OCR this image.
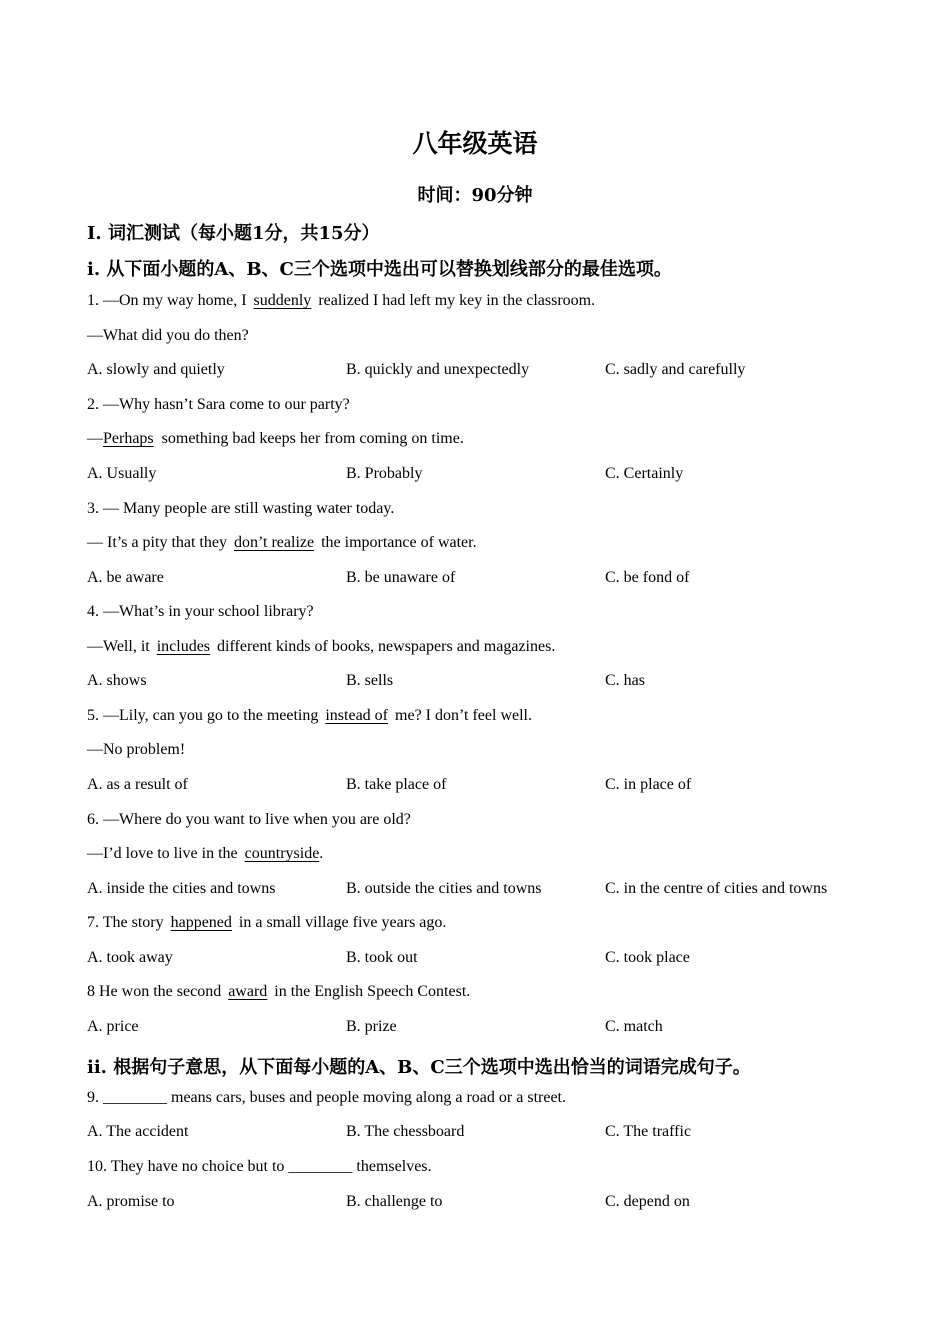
八年级英语
时间：90分钟
I. 词汇测试（每小题1分，共15分）
i. 从下面小题的A、B、C三个选项中选出可以替换划线部分的最佳选项。
1. —On my way home, I suddenly realized I had left my key in the classroom.
—What did you do then?
A. slowly and quietly	B. quickly and unexpectedly	C. sadly and carefully
2. —Why hasn’t Sara come to our party?
—Perhaps something bad keeps her from coming on time.
A. Usually	B. Probably	C. Certainly
3. — Many people are still wasting water today.
— It’s a pity that they don’t realize the importance of water.
A. be aware	B. be unaware of	C. be fond of
4. —What’s in your school library?
—Well, it includes different kinds of books, newspapers and magazines.
A. shows	B. sells	C. has
5. —Lily, can you go to the meeting instead of me? I don’t feel well.
—No problem!
A. as a result of	B. take place of	C. in place of
6. —Where do you want to live when you are old?
—I’d love to live in the countryside.
A. inside the cities and towns	B. outside the cities and towns	C. in the centre of cities and towns
7. The story happened in a small village five years ago.
A. took away	B. took out	C. took place
8 He won the second award in the English Speech Contest.
A. price	B. prize	C. match
ii. 根据句子意思，从下面每小题的A、B、C三个选项中选出恰当的词语完成句子。
9. ________ means cars, buses and people moving along a road or a street.
A. The accident	B. The chessboard	C. The traffic
10. They have no choice but to ________ themselves.
A. promise to	B. challenge to	C. depend on
